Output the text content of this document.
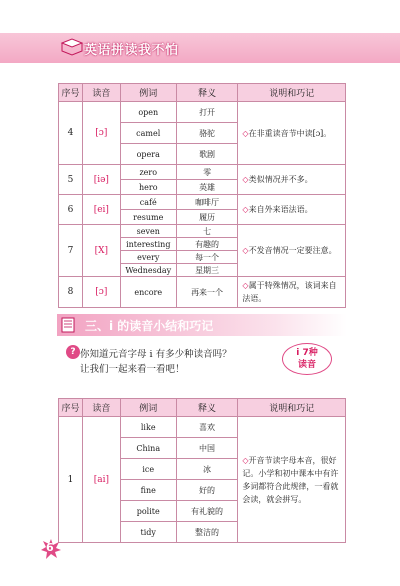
英语拼读我不怕
序号	读音	例词	释义	说明和巧记
4	[ɔ]	open	打开	◇在非重读音节中读[ɔ]。
		camel	骆驼	
		opera	歌剧	
5	[iə]	zero	零	◇类似情况并不多。
		hero	英雄	
6	[ei]	café	咖啡厅	◇来自外来语法语。
		resume	履历	
7	[X]	seven	七	◇不发音情况一定要注意。
		interesting	有趣的	
		every	每一个	
		Wednesday	星期三	
8	[ɔ]	encore	再来一个	◇属于特殊情况，该词来自法语。
三、i 的读音小结和巧记
? 你知道元音字母 i 有多少种读音吗？
让我们一起来看一看吧！
i 7种
读音
序号	读音	例词	释义	说明和巧记
1	[ai]	like	喜欢	◇开音节读字母本音，很好记。小学和初中课本中有许多词都符合此规律，一看就会读，就会拼写。
		China	中国	
		ice	冰	
		fine	好的	
		polite	有礼貌的	
		tidy	整洁的	
6
